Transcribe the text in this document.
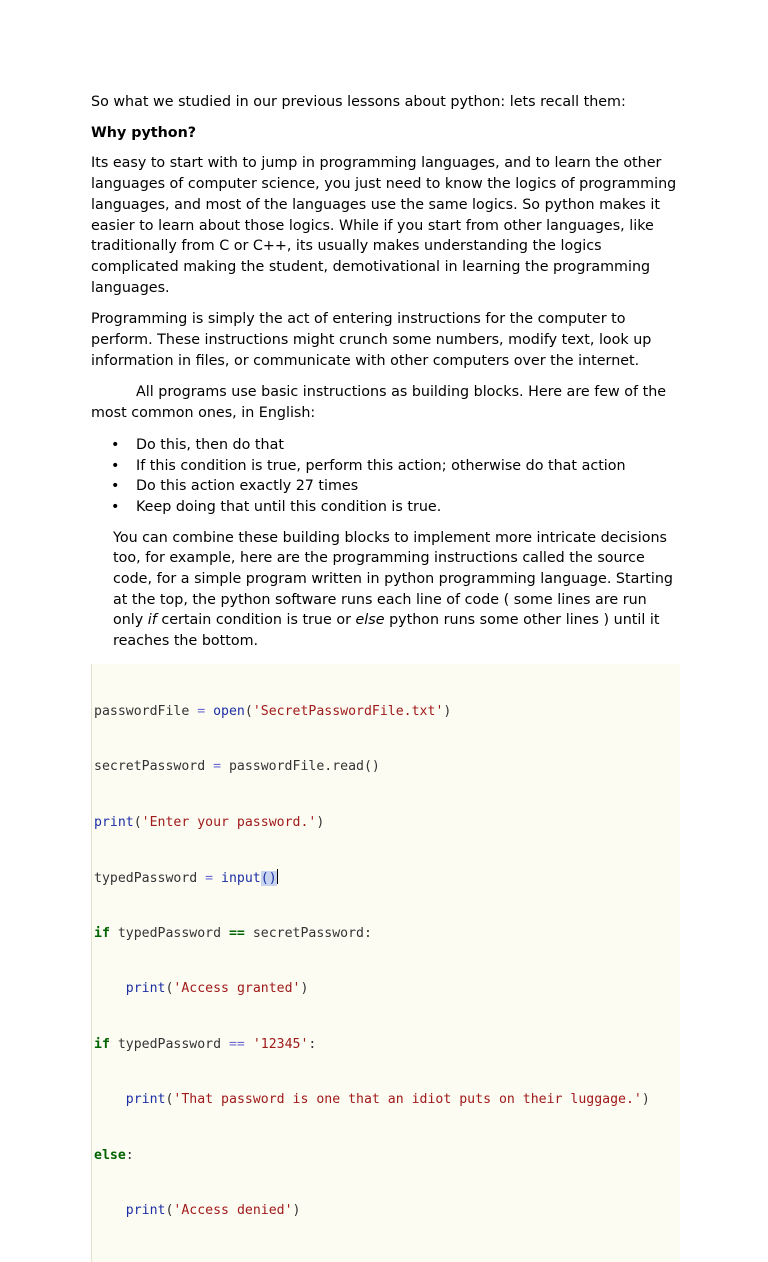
So what we studied in our previous lessons about python: lets recall them:

Why python?

Its easy to start with to jump in programming languages, and to learn the other languages of computer science, you just need to know the logics of programming languages, and most of the languages use the same logics. So python makes it easier to learn about those logics. While if you start from other languages, like traditionally from C or C++, its usually makes understanding the logics complicated making the student, demotivational in learning the programming languages.

Programming is simply the act of entering instructions for the computer to perform. These instructions might crunch some numbers, modify text, look up information in files, or communicate with other computers over the internet.

All programs use basic instructions as building blocks. Here are few of the most common ones, in English:

• Do this, then do that
• If this condition is true, perform this action; otherwise do that action
• Do this action exactly 27 times
• Keep doing that until this condition is true.

You can combine these building blocks to implement more intricate decisions too, for example, here are the programming instructions called the source code, for a simple program written in python programming language. Starting at the top, the python software runs each line of code ( some lines are run only if certain condition is true or else python runs some other lines ) until it reaches the bottom.

passwordFile = open('SecretPasswordFile.txt')

secretPassword = passwordFile.read()

print('Enter your password.')

typedPassword = input()

if typedPassword == secretPassword:

print('Access granted')

if typedPassword == '12345':

print('That password is one that an idiot puts on their luggage.')

else:

print('Access denied')
